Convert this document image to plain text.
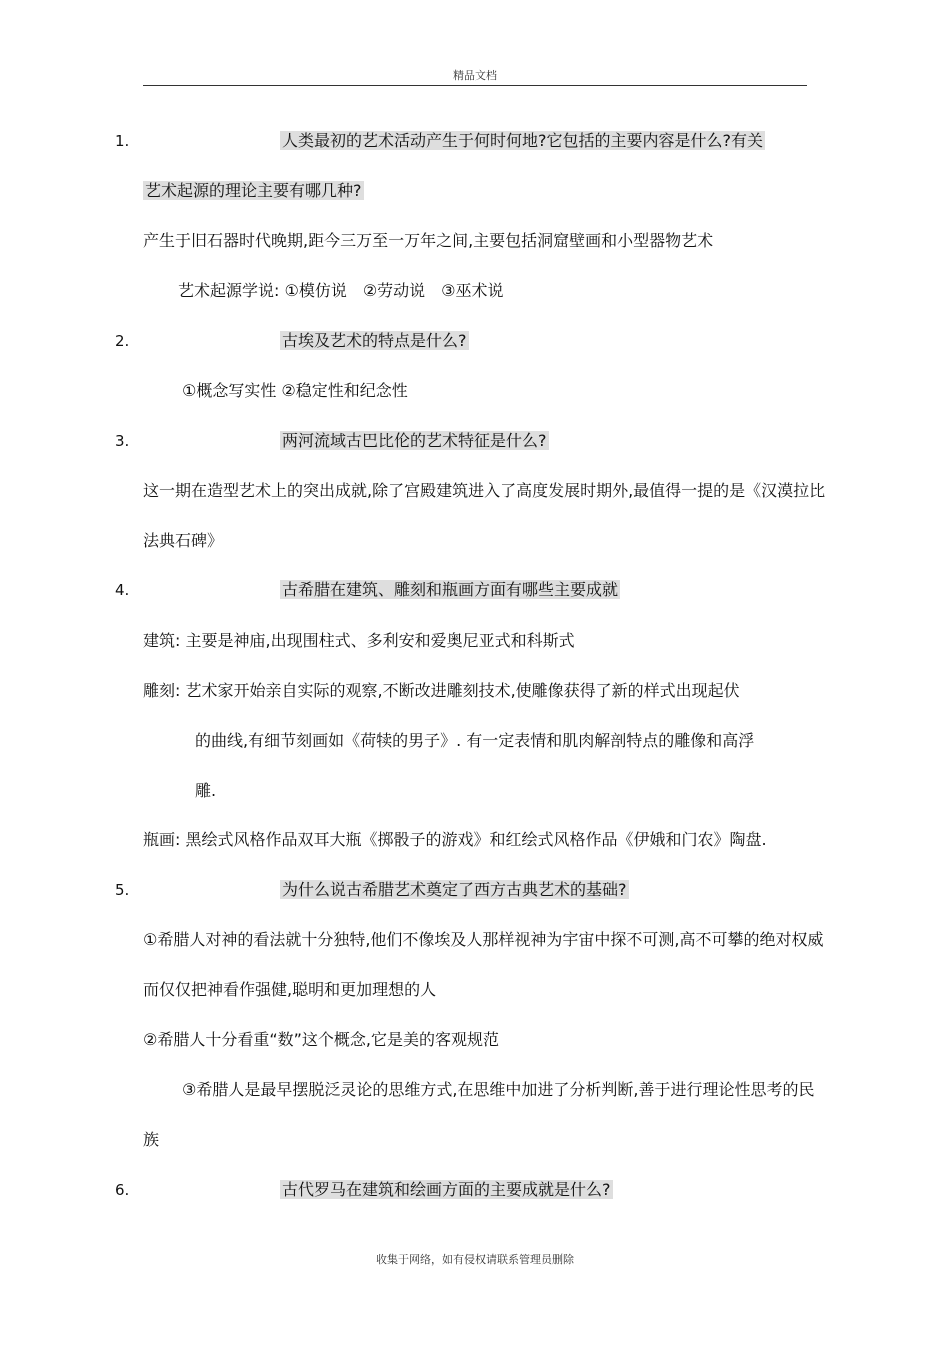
精品文档
1.	人类最初的艺术活动产生于何时何地?它包括的主要内容是什么?有关
艺术起源的理论主要有哪几种?
产生于旧石器时代晚期,距今三万至一万年之间,主要包括洞窟壁画和小型器物艺术
艺术起源学说: ①模仿说　②劳动说　③巫术说
2.	古埃及艺术的特点是什么?
①概念写实性 ②稳定性和纪念性
3.	两河流域古巴比伦的艺术特征是什么?
这一期在造型艺术上的突出成就,除了宫殿建筑进入了高度发展时期外,最值得一提的是《汉漠拉比
法典石碑》
4.	古希腊在建筑、雕刻和瓶画方面有哪些主要成就
建筑: 主要是神庙,出现围柱式、多利安和爱奥尼亚式和科斯式
雕刻: 艺术家开始亲自实际的观察,不断改进雕刻技术,使雕像获得了新的样式出现起伏
的曲线,有细节刻画如《荷犊的男子》. 有一定表情和肌肉解剖特点的雕像和高浮
雕.
瓶画: 黑绘式风格作品双耳大瓶《掷骰子的游戏》和红绘式风格作品《伊娥和门农》陶盘.
5.	为什么说古希腊艺术奠定了西方古典艺术的基础?
①希腊人对神的看法就十分独特,他们不像埃及人那样视神为宇宙中探不可测,高不可攀的绝对权威
而仅仅把神看作强健,聪明和更加理想的人
②希腊人十分看重“数”这个概念,它是美的客观规范
③希腊人是最早摆脱泛灵论的思维方式,在思维中加进了分析判断,善于进行理论性思考的民
族
6.	古代罗马在建筑和绘画方面的主要成就是什么?
收集于网络，如有侵权请联系管理员删除
